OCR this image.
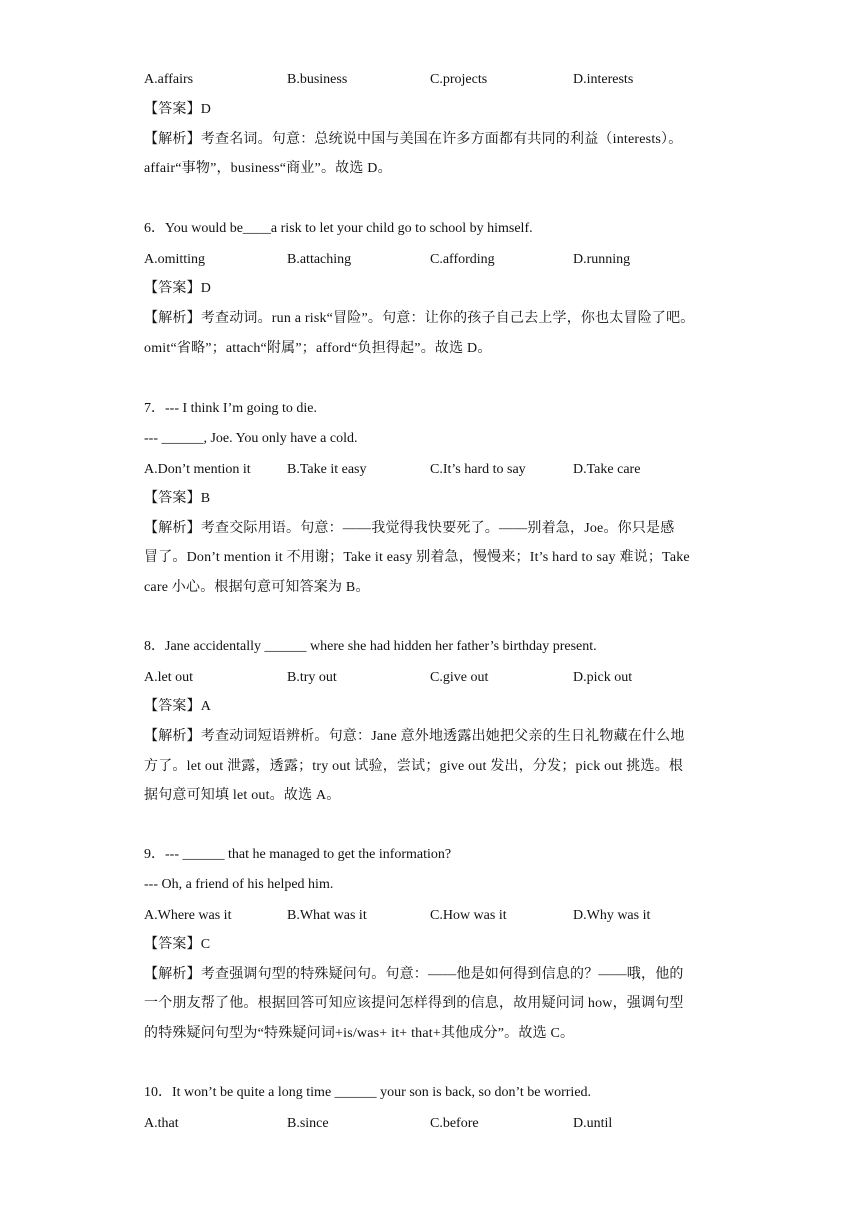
A.affairs	B.business	C.projects	D.interests
【答案】D
【解析】考查名词。句意：总统说中国与美国在许多方面都有共同的利益（interests）。
affair“事物”，business“商业”。故选 D。
6．You would be____a risk to let your child go to school by himself.
A.omitting	B.attaching	C.affording	D.running
【答案】D
【解析】考查动词。run a risk“冒险”。句意：让你的孩子自己去上学，你也太冒险了吧。
omit“省略”；attach“附属”；afford“负担得起”。故选 D。
7．--- I think I’m going to die.
--- ______, Joe. You only have a cold.
A.Don’t mention it	B.Take it easy	C.It’s hard to say	D.Take care
【答案】B
【解析】考查交际用语。句意：——我觉得我快要死了。——别着急，Joe。你只是感
冒了。Don’t mention it 不用谢；Take it easy 别着急，慢慢来；It’s hard to say 难说；Take
care 小心。根据句意可知答案为 B。
8．Jane accidentally ______ where she had hidden her father’s birthday present.
A.let out	B.try out	C.give out	D.pick out
【答案】A
【解析】考查动词短语辨析。句意：Jane 意外地透露出她把父亲的生日礼物藏在什么地
方了。let out 泄露，透露；try out 试验，尝试；give out 发出，分发；pick out 挑选。根
据句意可知填 let out。故选 A。
9．--- ______ that he managed to get the information?
--- Oh, a friend of his helped him.
A.Where was it	B.What was it	C.How was it	D.Why was it
【答案】C
【解析】考查强调句型的特殊疑问句。句意：——他是如何得到信息的？——哦，他的
一个朋友帮了他。根据回答可知应该提问怎样得到的信息，故用疑问词 how，强调句型
的特殊疑问句型为“特殊疑问词+is/was+ it+ that+其他成分”。故选 C。
10．It won’t be quite a long time ______ your son is back, so don’t be worried.
A.that	B.since	C.before	D.until
